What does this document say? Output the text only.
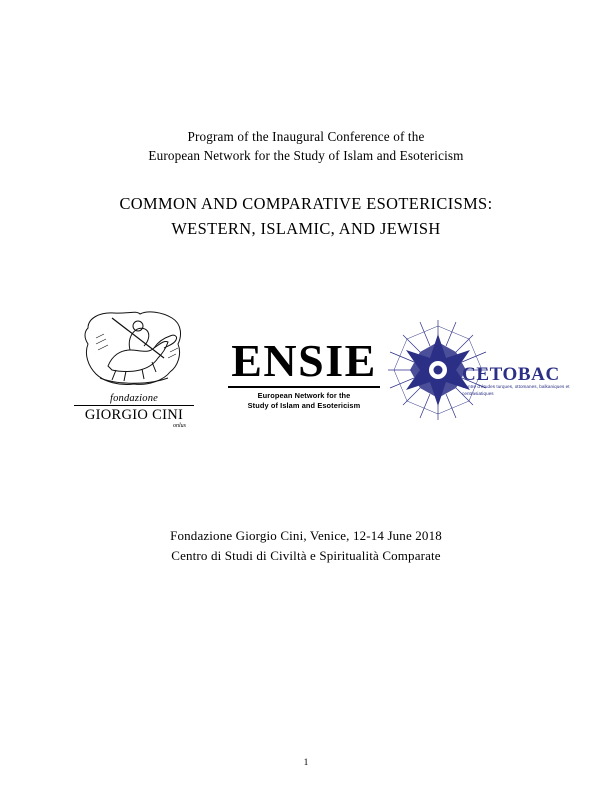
Program of the Inaugural Conference of the
European Network for the Study of Islam and Esotericism
COMMON AND COMPARATIVE ESOTERICISMS:
WESTERN, ISLAMIC, AND JEWISH
fondazione
onlus
GIORGIO CINI
ENSIE
European Network for the
Study of Islam and Esotericism
CETOBAC
Centre d'études turques, ottomanes, balkaniques et centrasiatiques
Fondazione Giorgio Cini, Venice, 12-14 June 2018
Centro di Studi di Civiltà e Spiritualità Comparate
1
